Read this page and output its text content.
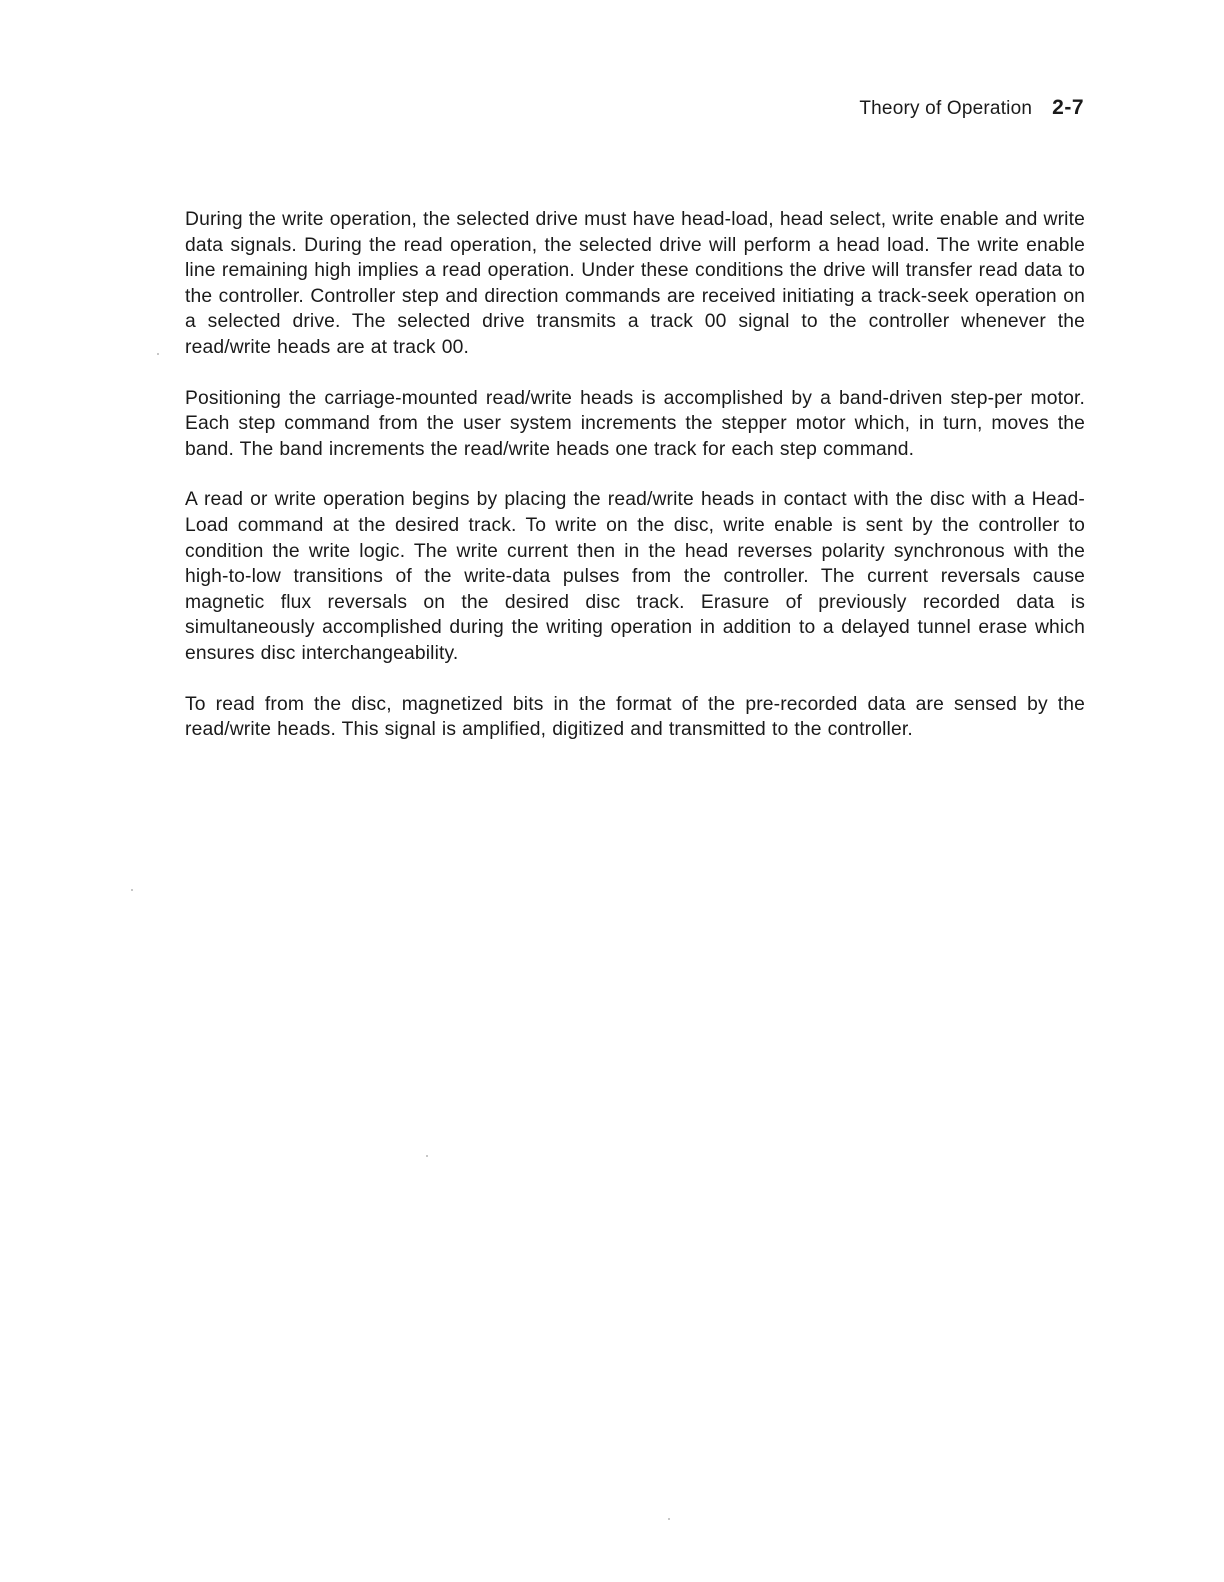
Theory of Operation 2-7

During the write operation, the selected drive must have head-load, head select, write enable and write data signals. During the read operation, the selected drive will perform a head load. The write enable line remaining high implies a read operation. Under these conditions the drive will transfer read data to the controller. Controller step and direction commands are received initiating a track-seek operation on a selected drive. The selected drive transmits a track 00 signal to the controller whenever the read/write heads are at track 00.

Positioning the carriage-mounted read/write heads is accomplished by a band-driven step-per motor. Each step command from the user system increments the stepper motor which, in turn, moves the band. The band increments the read/write heads one track for each step command.

A read or write operation begins by placing the read/write heads in contact with the disc with a Head-Load command at the desired track. To write on the disc, write enable is sent by the controller to condition the write logic. The write current then in the head reverses polarity synchronous with the high-to-low transitions of the write-data pulses from the controller. The current reversals cause magnetic flux reversals on the desired disc track. Erasure of previously recorded data is simultaneously accomplished during the writing operation in addition to a delayed tunnel erase which ensures disc interchangeability.

To read from the disc, magnetized bits in the format of the pre-recorded data are sensed by the read/write heads. This signal is amplified, digitized and transmitted to the controller.
